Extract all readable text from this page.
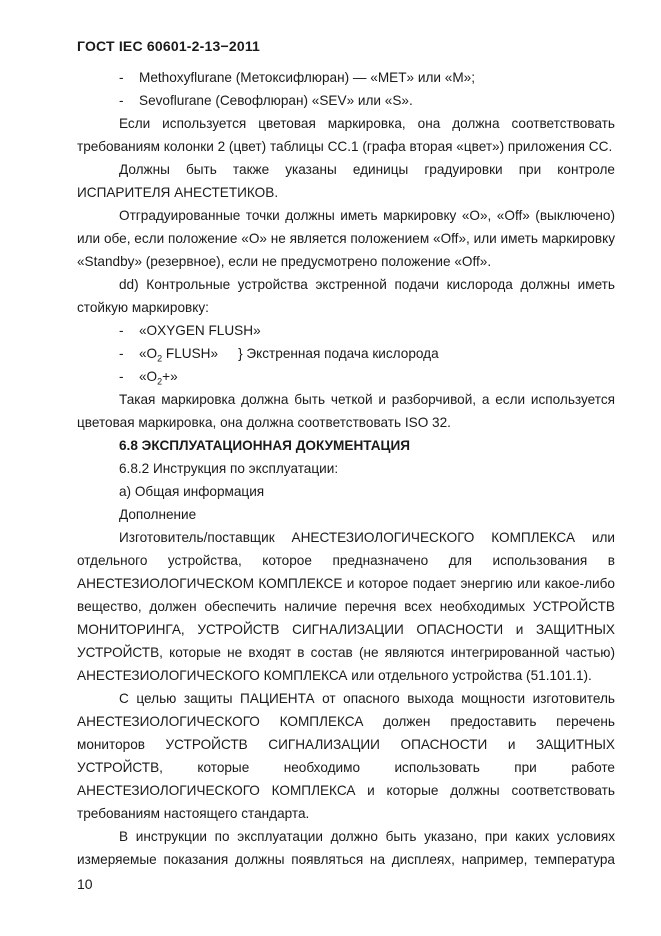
ГОСТ IEC 60601-2-13−2011
- Methoxyflurane (Метоксифлюран) — «MET» или «M»;
- Sevoflurane (Севофлюран) «SEV» или «S».
Если используется цветовая маркировка, она должна соответствовать
требованиям колонки 2 (цвет) таблицы СС.1 (графа вторая «цвет») приложения СС.
Должны быть также указаны единицы градуировки при контроле
ИСПАРИТЕЛЯ АНЕСТЕТИКОВ.
Отградуированные точки должны иметь маркировку «O», «Off» (выключено)
или обе, если положение «O» не является положением «Off», или иметь маркировку
«Standby» (резервное), если не предусмотрено положение «Off».
dd) Контрольные устройства экстренной подачи кислорода должны иметь
стойкую маркировку:
- «OXYGEN FLUSH»
- «$O_2$ FLUSH» } Экстренная подача кислорода
- «$O_2+$»
Такая маркировка должна быть четкой и разборчивой, а если используется
цветовая маркировка, она должна соответствовать ISO 32.
6.8 ЭКСПЛУАТАЦИОННАЯ ДОКУМЕНТАЦИЯ
6.8.2 Инструкция по эксплуатации:
a) Общая информация
Дополнение
Изготовитель/поставщик АНЕСТЕЗИОЛОГИЧЕСКОГО КОМПЛЕКСА или
отдельного устройства, которое предназначено для использования в
АНЕСТЕЗИОЛОГИЧЕСКОМ КОМПЛЕКСЕ и которое подает энергию или какое-либо
вещество, должен обеспечить наличие перечня всех необходимых УСТРОЙСТВ
МОНИТОРИНГА, УСТРОЙСТВ СИГНАЛИЗАЦИИ ОПАСНОСТИ и ЗАЩИТНЫХ
УСТРОЙСТВ, которые не входят в состав (не являются интегрированной частью)
АНЕСТЕЗИОЛОГИЧЕСКОГО КОМПЛЕКСА или отдельного устройства (51.101.1).
С целью защиты ПАЦИЕНТА от опасного выхода мощности изготовитель
АНЕСТЕЗИОЛОГИЧЕСКОГО КОМПЛЕКСА должен предоставить перечень
мониторов УСТРОЙСТВ СИГНАЛИЗАЦИИ ОПАСНОСТИ и ЗАЩИТНЫХ
УСТРОЙСТВ, которые необходимо использовать при работе
АНЕСТЕЗИОЛОГИЧЕСКОГО КОМПЛЕКСА и которые должны соответствовать
требованиям настоящего стандарта.
В инструкции по эксплуатации должно быть указано, при каких условиях
измеряемые показания должны появляться на дисплеях, например, температура
10
